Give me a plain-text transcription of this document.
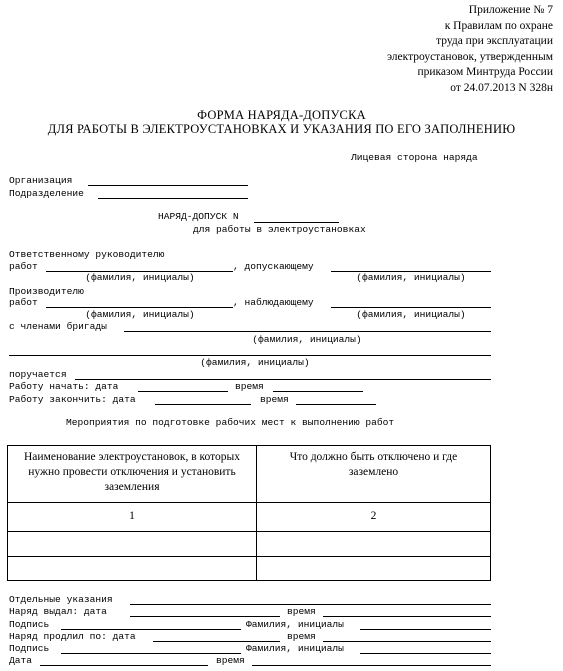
Приложение № 7
к Правилам по охране
труда при эксплуатации
электроустановок, утвержденным
приказом Минтруда России
от 24.07.2013 N 328н
ФОРМА НАРЯДА-ДОПУСКА
ДЛЯ РАБОТЫ В ЭЛЕКТРОУСТАНОВКАХ И УКАЗАНИЯ ПО ЕГО ЗАПОЛНЕНИЮ
Лицевая сторона наряда
Организация
Подразделение
НАРЯД-ДОПУСК N
для работы в электроустановках
Ответственному руководителю
работ	, допускающему
(фамилия, инициалы)	(фамилия, инициалы)
Производителю
работ	, наблюдающему
(фамилия, инициалы)	(фамилия, инициалы)
с членами бригады
(фамилия, инициалы)
(фамилия, инициалы)
поручается
Работу начать: дата	время
Работу закончить: дата	время
Мероприятия по подготовке рабочих мест к выполнению работ
Наименование электроустановок, в которых нужно провести отключения и установить заземления	Что должно быть отключено и где заземлено
1	2

Отдельные указания
Наряд выдал: дата	время
Подпись	Фамилия, инициалы
Наряд продлил по: дата	время
Подпись	Фамилия, инициалы
Дата	время
